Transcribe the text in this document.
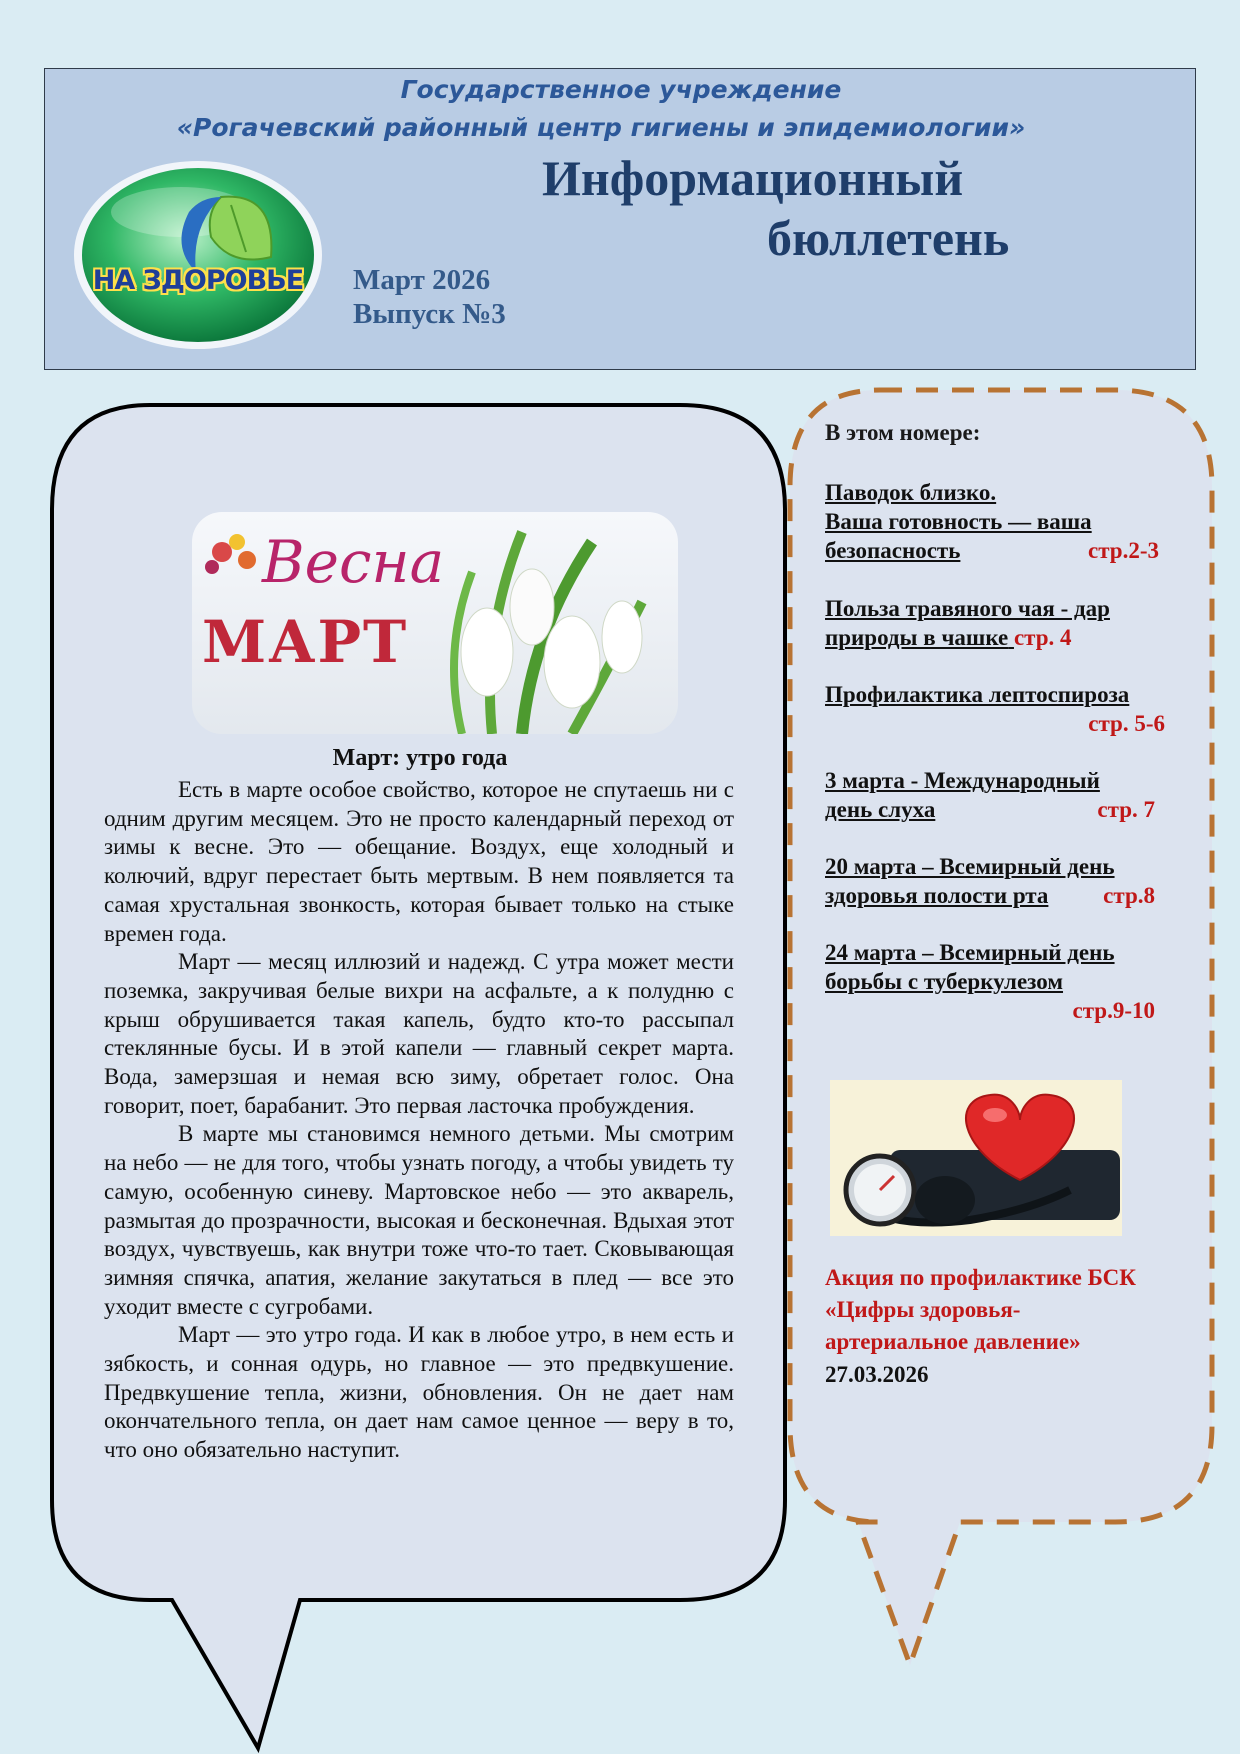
Государственное учреждение
«Рогачевский районный центр гигиены и эпидемиологии»
Информационный
бюллетень
Март 2026
Выпуск №3
НА ЗДОРОВЬЕ
Весна
МАРТ
Март: утро года

Есть в марте особое свойство, которое не спутаешь ни с одним другим месяцем. Это не просто календарный переход от зимы к весне. Это — обещание. Воздух, еще холодный и колючий, вдруг перестает быть мертвым. В нем появляется та самая хрустальная звонкость, которая бывает только на стыке времен года.

Март — месяц иллюзий и надежд. С утра может мести поземка, закручивая белые вихри на асфальте, а к полудню с крыш обрушивается такая капель, будто кто-то рассыпал стеклянные бусы. И в этой капели — главный секрет марта. Вода, замерзшая и немая всю зиму, обретает голос. Она говорит, поет, барабанит. Это первая ласточка пробуждения.

В марте мы становимся немного детьми. Мы смотрим на небо — не для того, чтобы узнать погоду, а чтобы увидеть ту самую, особенную синеву. Мартовское небо — это акварель, размытая до прозрачности, высокая и бесконечная. Вдыхая этот воздух, чувствуешь, как внутри тоже что-то тает. Сковывающая зимняя спячка, апатия, желание закутаться в плед — все это уходит вместе с сугробами.

Март — это утро года. И как в любое утро, в нем есть и зябкость, и сонная одурь, но главное — это предвкушение. Предвкушение тепла, жизни, обновления. Он не дает нам окончательного тепла, он дает нам самое ценное — веру в то, что оно обязательно наступит.

В этом номере:
Паводок близко.
Ваша готовность — ваша
безопасность	стр.2-3
Польза травяного чая - дар
природы в чашке стр. 4
Профилактика лептоспироза
стр. 5-6
3 марта - Международный
день слуха	стр. 7
20 марта – Всемирный день
здоровья полости рта стр.8
24 марта – Всемирный день
борьбы с туберкулезом
стр.9-10
Акция по профилактике БСК
«Цифры здоровья-
артериальное давление»
27.03.2026
